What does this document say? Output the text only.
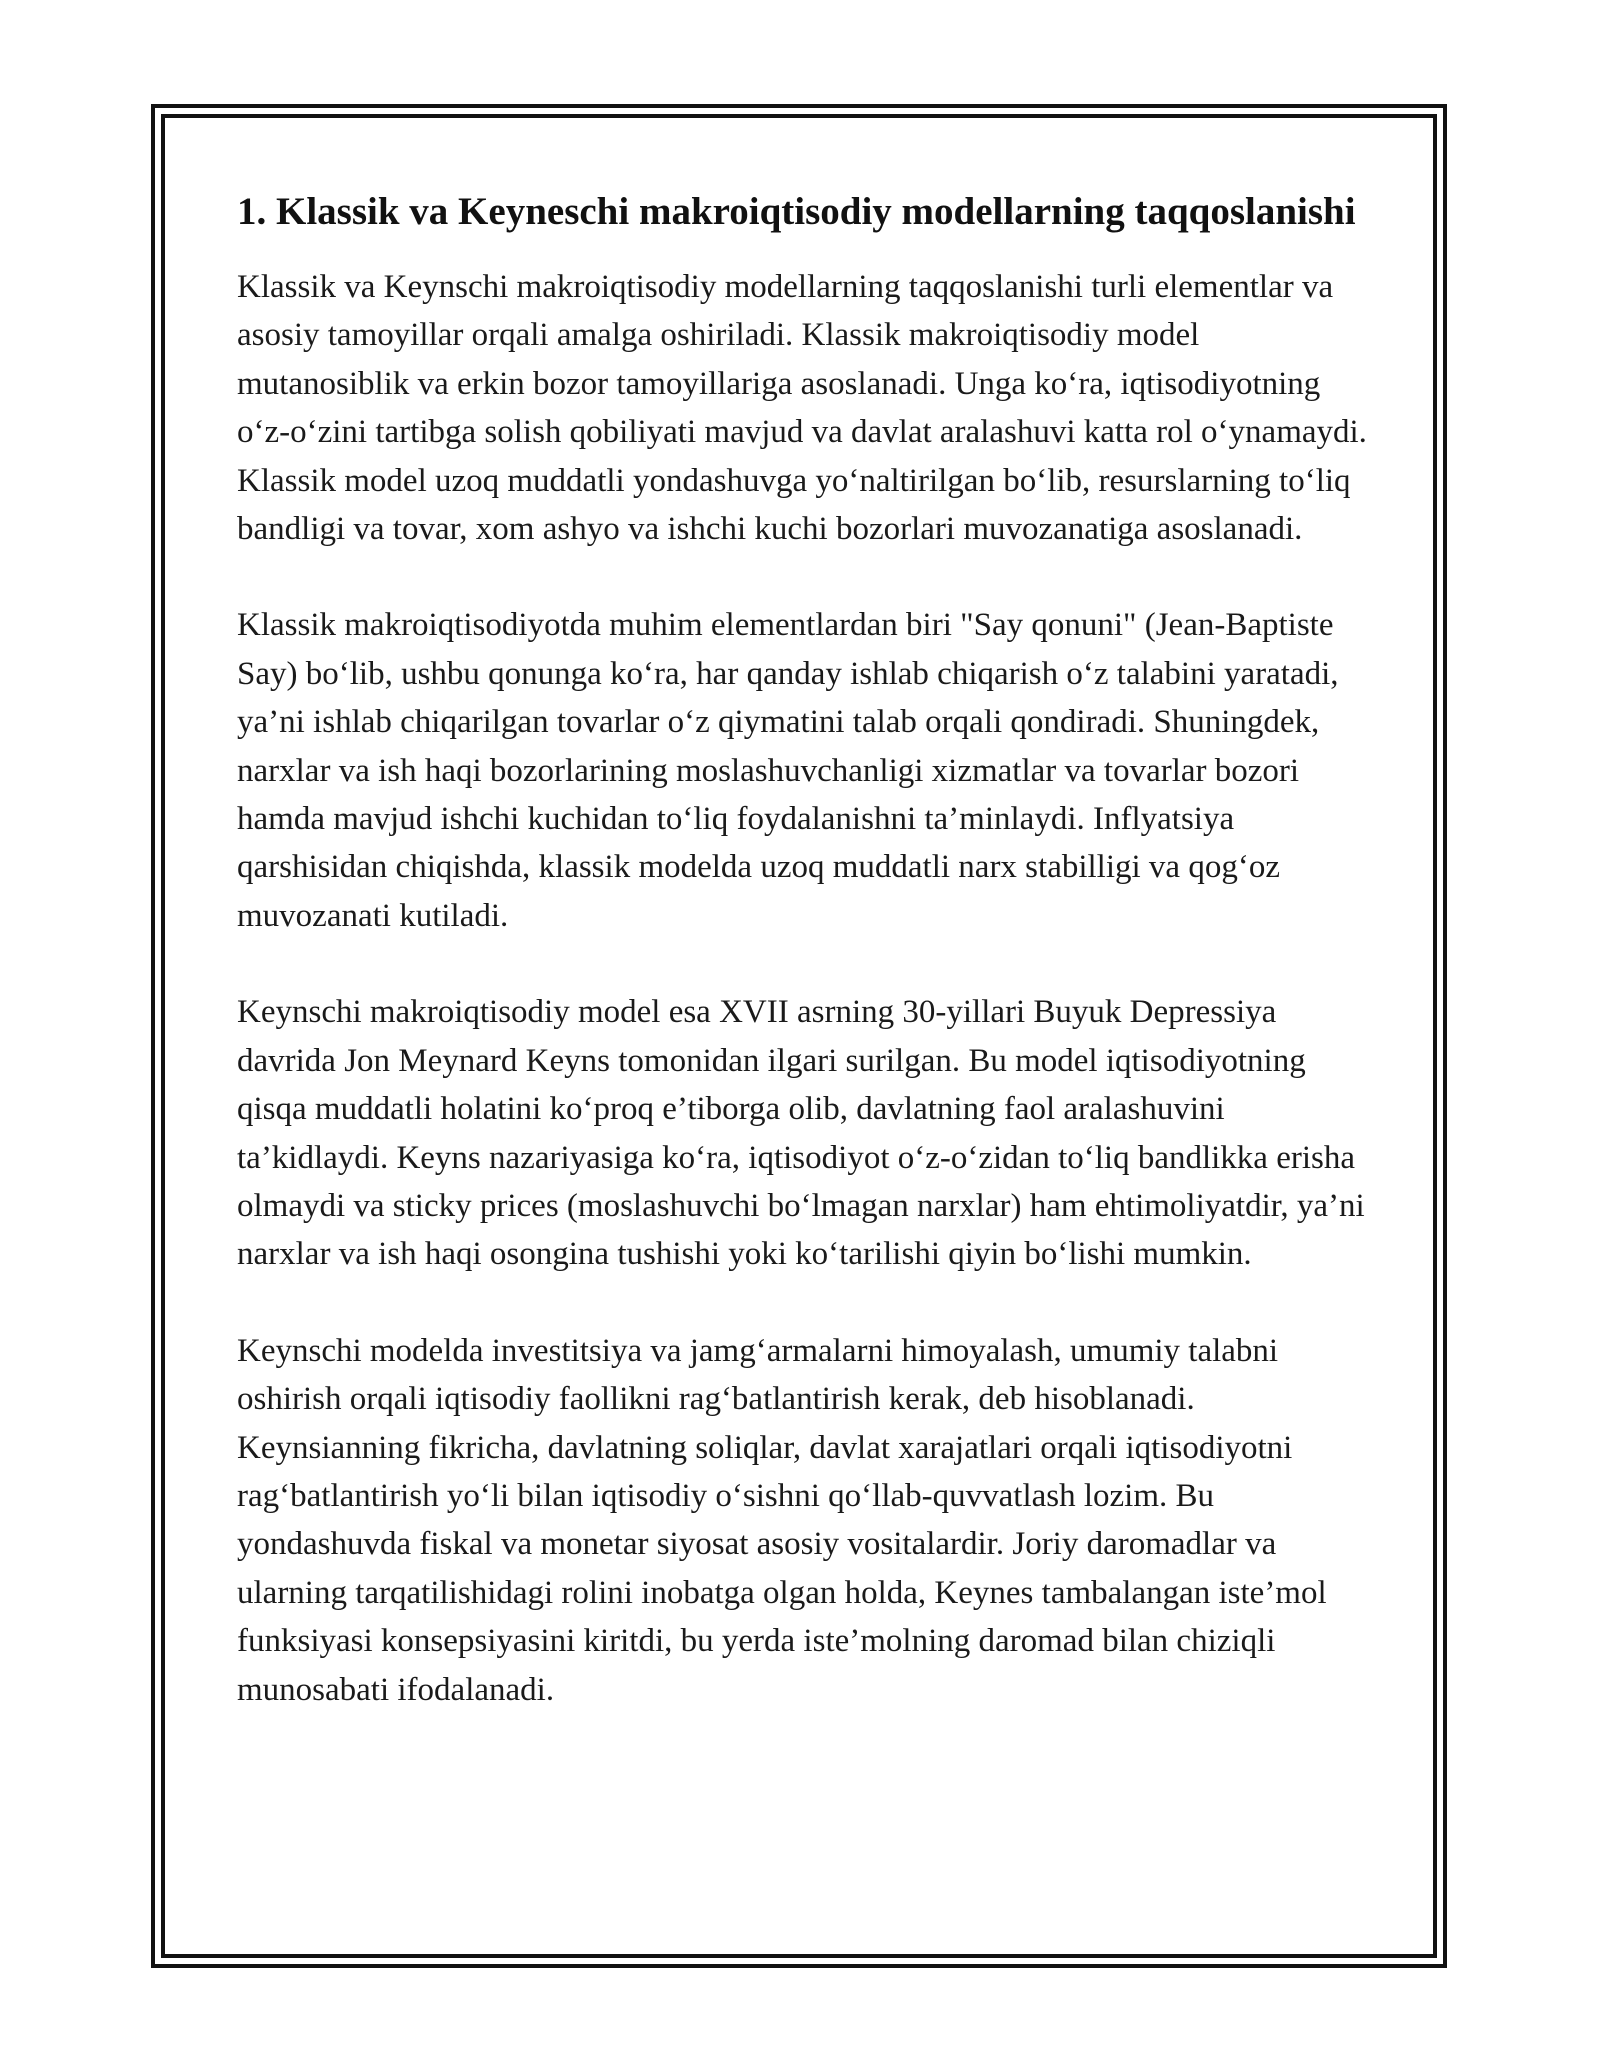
1. Klassik va Keyneschi makroiqtisodiy modellarning taqqoslanishi

Klassik va Keynschi makroiqtisodiy modellarning taqqoslanishi turli elementlar va asosiy tamoyillar orqali amalga oshiriladi. Klassik makroiqtisodiy model mutanosiblik va erkin bozor tamoyillariga asoslanadi. Unga koʻra, iqtisodiyotning oʻz-oʻzini tartibga solish qobiliyati mavjud va davlat aralashuvi katta rol oʻynamaydi. Klassik model uzoq muddatli yondashuvga yoʻnaltirilgan boʻlib, resurslarning toʻliq bandligi va tovar, xom ashyo va ishchi kuchi bozorlari muvozanatiga asoslanadi.

Klassik makroiqtisodiyotda muhim elementlardan biri "Say qonuni" (Jean-Baptiste Say) boʻlib, ushbu qonunga koʻra, har qanday ishlab chiqarish oʻz talabini yaratadi, ya’ni ishlab chiqarilgan tovarlar oʻz qiymatini talab orqali qondiradi. Shuningdek, narxlar va ish haqi bozorlarining moslashuvchanligi xizmatlar va tovarlar bozori hamda mavjud ishchi kuchidan toʻliq foydalanishni ta’minlaydi. Inflyatsiya qarshisidan chiqishda, klassik modelda uzoq muddatli narx stabilligi va qogʻoz muvozanati kutiladi.

Keynschi makroiqtisodiy model esa XVII asrning 30-yillari Buyuk Depressiya davrida Jon Meynard Keyns tomonidan ilgari surilgan. Bu model iqtisodiyotning qisqa muddatli holatini koʻproq e’tiborga olib, davlatning faol aralashuvini ta’kidlaydi. Keyns nazariyasiga koʻra, iqtisodiyot oʻz-oʻzidan toʻliq bandlikka erisha olmaydi va sticky prices (moslashuvchi boʻlmagan narxlar) ham ehtimoliyatdir, ya’ni narxlar va ish haqi osongina tushishi yoki koʻtarilishi qiyin boʻlishi mumkin.

Keynschi modelda investitsiya va jamgʻarmalarni himoyalash, umumiy talabni oshirish orqali iqtisodiy faollikni ragʻbatlantirish kerak, deb hisoblanadi. Keynsianning fikricha, davlatning soliqlar, davlat xarajatlari orqali iqtisodiyotni ragʻbatlantirish yoʻli bilan iqtisodiy oʻsishni qoʻllab-quvvatlash lozim. Bu yondashuvda fiskal va monetar siyosat asosiy vositalardir. Joriy daromadlar va ularning tarqatilishidagi rolini inobatga olgan holda, Keynes tambalangan iste’mol funksiyasi konsepsiyasini kiritdi, bu yerda iste’molning daromad bilan chiziqli munosabati ifodalanadi.
